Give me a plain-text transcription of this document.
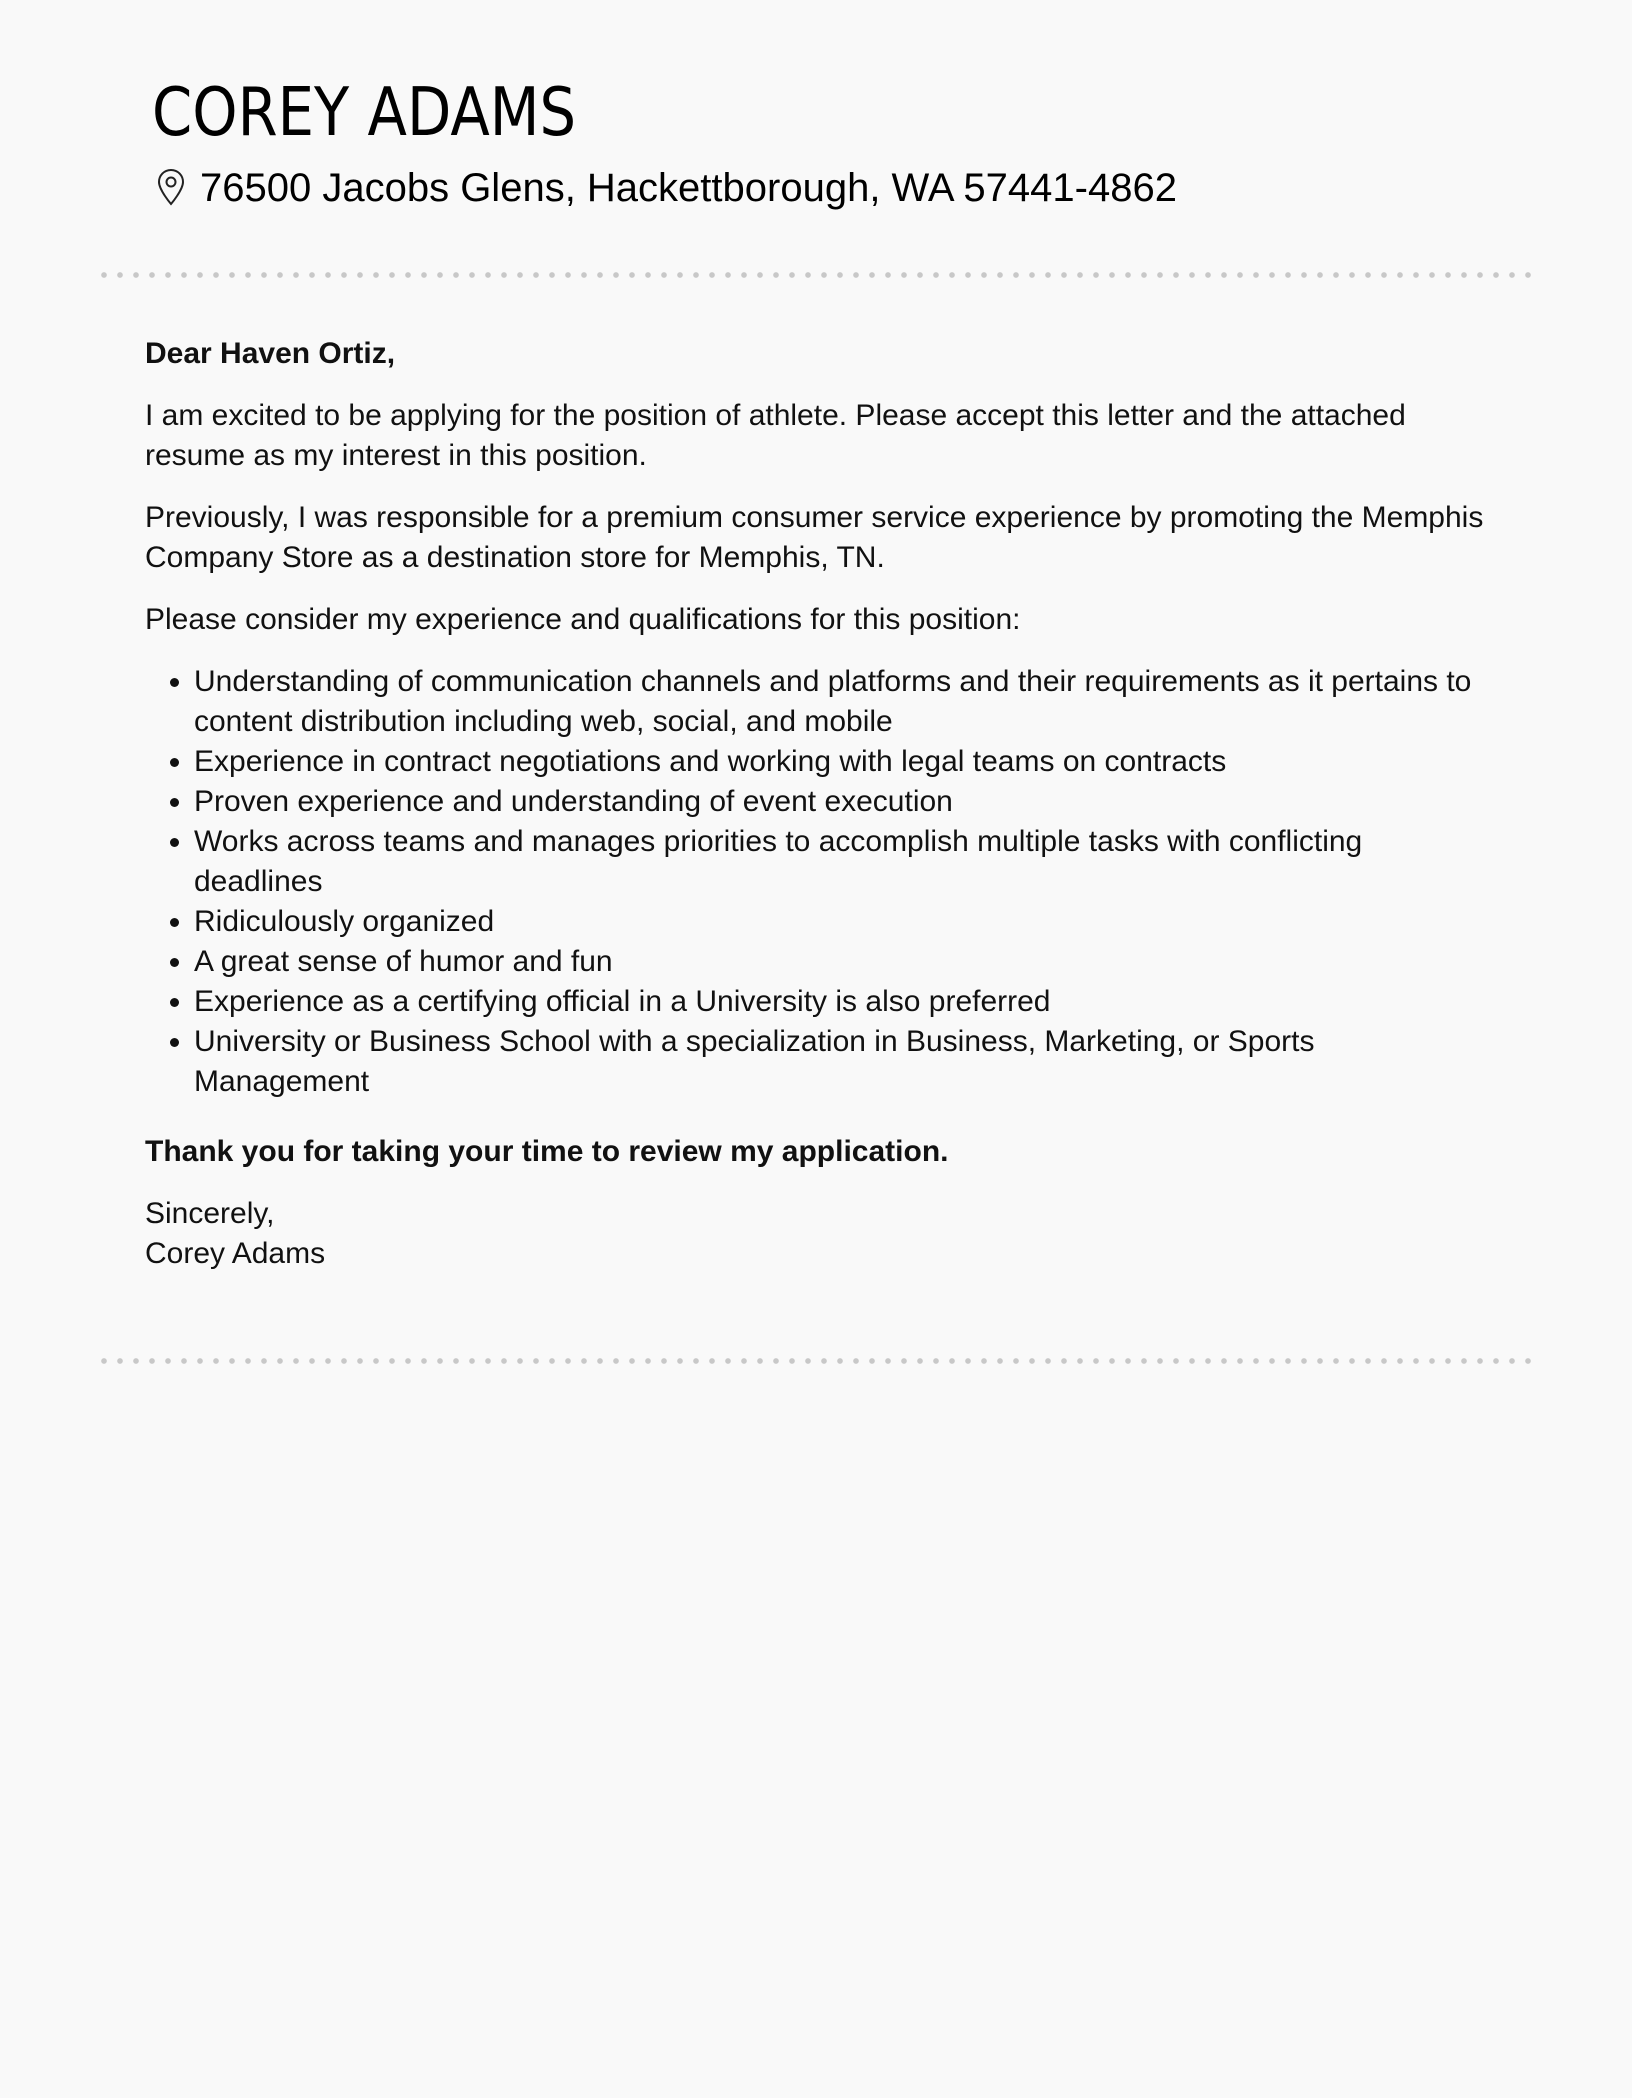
COREY ADAMS
76500 Jacobs Glens, Hackettborough, WA 57441-4862

Dear Haven Ortiz,

I am excited to be applying for the position of athlete. Please accept this letter and the attached resume as my interest in this position.

Previously, I was responsible for a premium consumer service experience by promoting the Memphis Company Store as a destination store for Memphis, TN.

Please consider my experience and qualifications for this position:

• Understanding of communication channels and platforms and their requirements as it pertains to content distribution including web, social, and mobile
• Experience in contract negotiations and working with legal teams on contracts
• Proven experience and understanding of event execution
• Works across teams and manages priorities to accomplish multiple tasks with conflicting deadlines
• Ridiculously organized
• A great sense of humor and fun
• Experience as a certifying official in a University is also preferred
• University or Business School with a specialization in Business, Marketing, or Sports Management

Thank you for taking your time to review my application.

Sincerely,

Corey Adams
